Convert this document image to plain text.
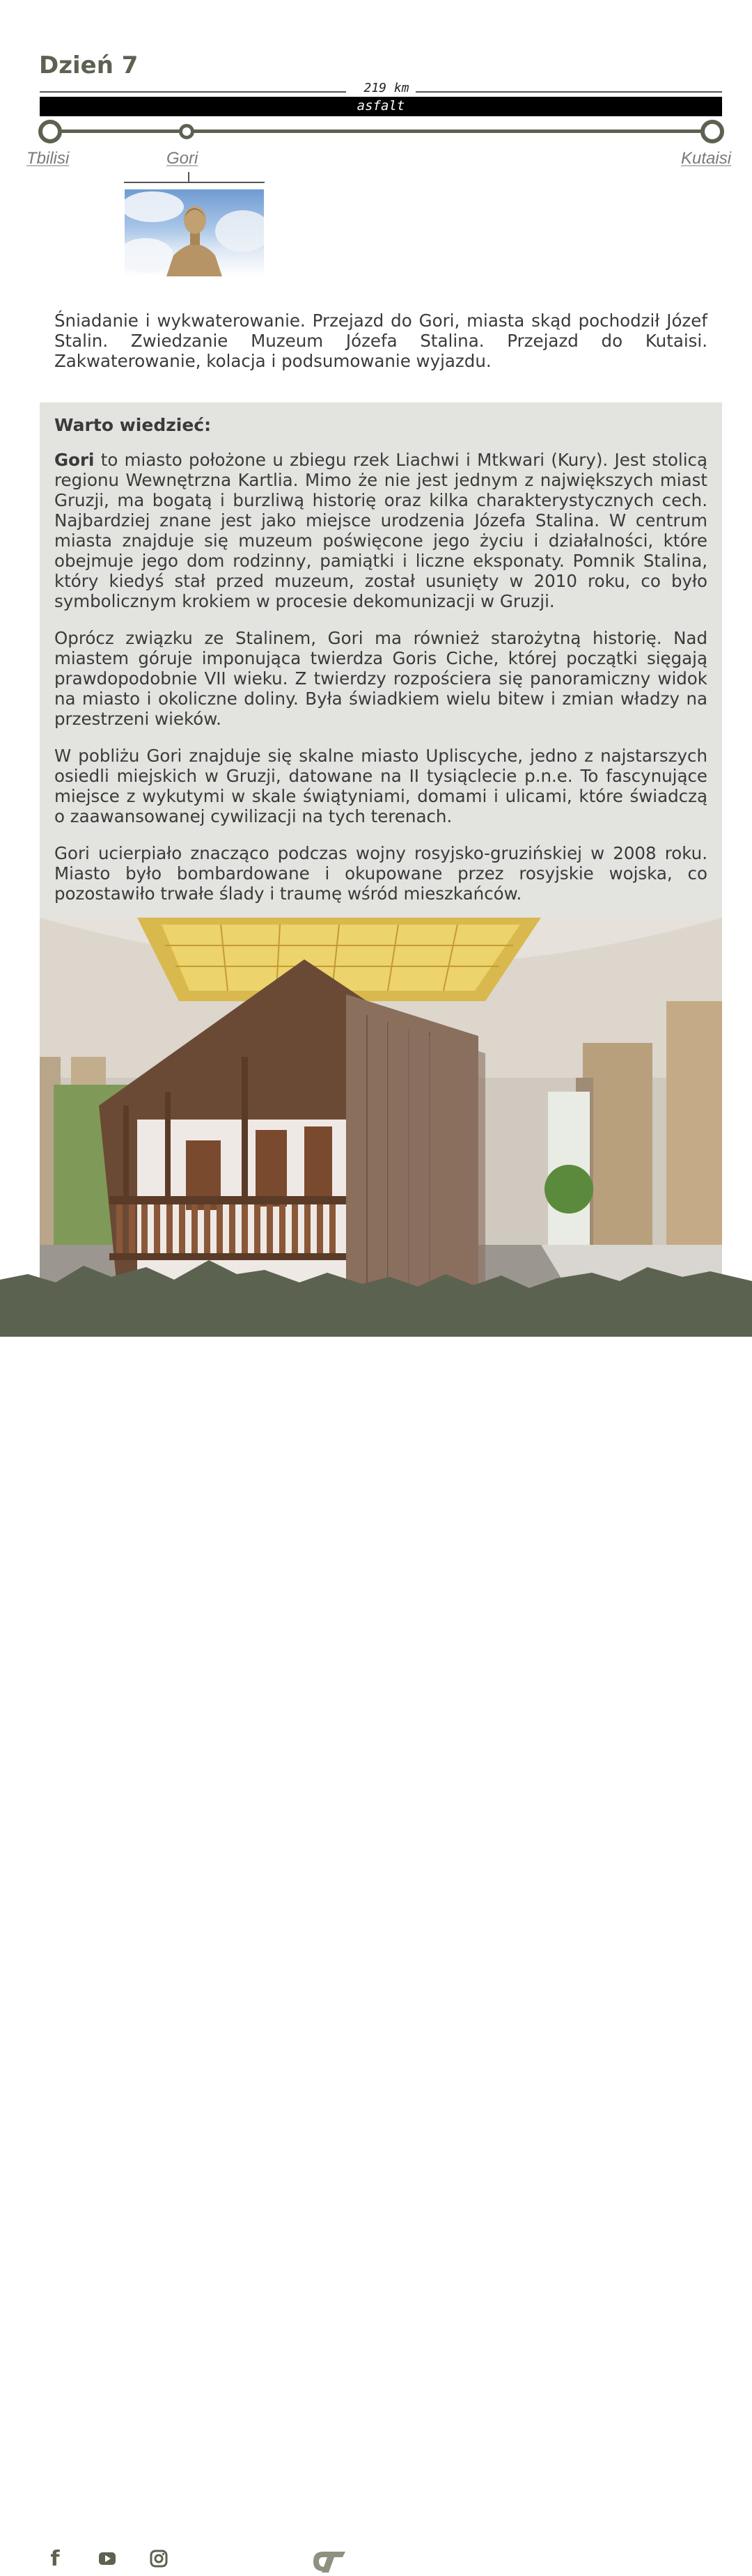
Dzień 7
219 km
asfalt
Tbilisi	Gori	Kutaisi

Śniadanie i wykwaterowanie. Przejazd do Gori, miasta skąd pochodził Józef Stalin. Zwiedzanie Muzeum Józefa Stalina. Przejazd do Kutaisi. Zakwaterowanie, kolacja i podsumowanie wyjazdu.

Warto wiedzieć:

Gori to miasto położone u zbiegu rzek Liachwi i Mtkwari (Kury). Jest stolicą regionu Wewnętrzna Kartlia. Mimo że nie jest jednym z największych miast Gruzji, ma bogatą i burzliwą historię oraz kilka charakterystycznych cech. Najbardziej znane jest jako miejsce urodzenia Józefa Stalina. W centrum miasta znajduje się muzeum poświęcone jego życiu i działalności, które obejmuje jego dom rodzinny, pamiątki i liczne eksponaty. Pomnik Stalina, który kiedyś stał przed muzeum, został usunięty w 2010 roku, co było symbolicznym krokiem w procesie dekomunizacji w Gruzji.

Oprócz związku ze Stalinem, Gori ma również starożytną historię. Nad miastem góruje imponująca twierdza Goris Ciche, której początki sięgają prawdopodobnie VII wieku. Z twierdzy rozpościera się panoramiczny widok na miasto i okoliczne doliny. Była świadkiem wielu bitew i zmian władzy na przestrzeni wieków.

W pobliżu Gori znajduje się skalne miasto Upliscyche, jedno z najstarszych osiedli miejskich w Gruzji, datowane na II tysiąclecie p.n.e. To fascynujące miejsce z wykutymi w skale świątyniami, domami i ulicami, które świadczą o zaawansowanej cywilizacji na tych terenach.

Gori ucierpiało znacząco podczas wojny rosyjsko-gruzińskiej w 2008 roku. Miasto było bombardowane i okupowane przez rosyjskie wojska, co pozostawiło trwałe ślady i traumę wśród mieszkańców.

f	OFFROAD
TRAVELLER
